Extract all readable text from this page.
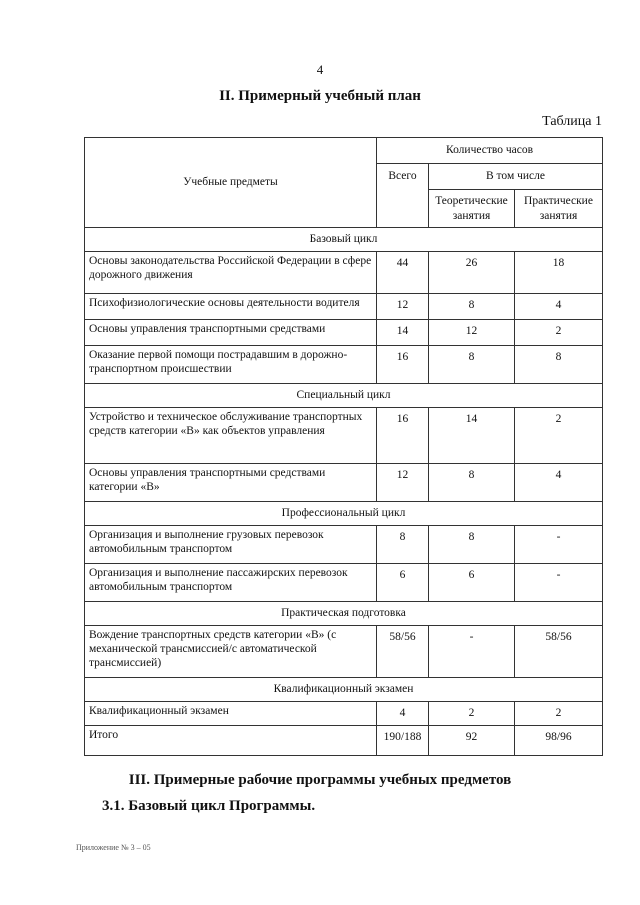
4
II. Примерный учебный план
Таблица 1
Учебные предметы	Количество часов		
	Всего	В том числе	
		Теоретические занятия	Практические занятия
Базовый цикл			
Основы законодательства Российской Федерации в сфере дорожного движения	44	26	18
Психофизиологические основы деятельности водителя	12	8	4
Основы управления транспортными средствами	14	12	2
Оказание первой помощи пострадавшим в дорожно-транспортном происшествии	16	8	8
Специальный цикл			
Устройство и техническое обслуживание транспортных средств категории «В» как объектов управления	16	14	2
Основы управления транспортными средствами категории «В»	12	8	4
Профессиональный цикл			
Организация и выполнение грузовых перевозок автомобильным транспортом	8	8	-
Организация и выполнение пассажирских перевозок автомобильным транспортом	6	6	-
Практическая подготовка			
Вождение транспортных средств категории «В» (с механической трансмиссией/с автоматической трансмиссией)	58/56	-	58/56
Квалификационный экзамен			
Квалификационный экзамен	4	2	2
Итого	190/188	92	98/96
III. Примерные рабочие программы учебных предметов
3.1. Базовый цикл Программы.
Приложение № 3 – 05
